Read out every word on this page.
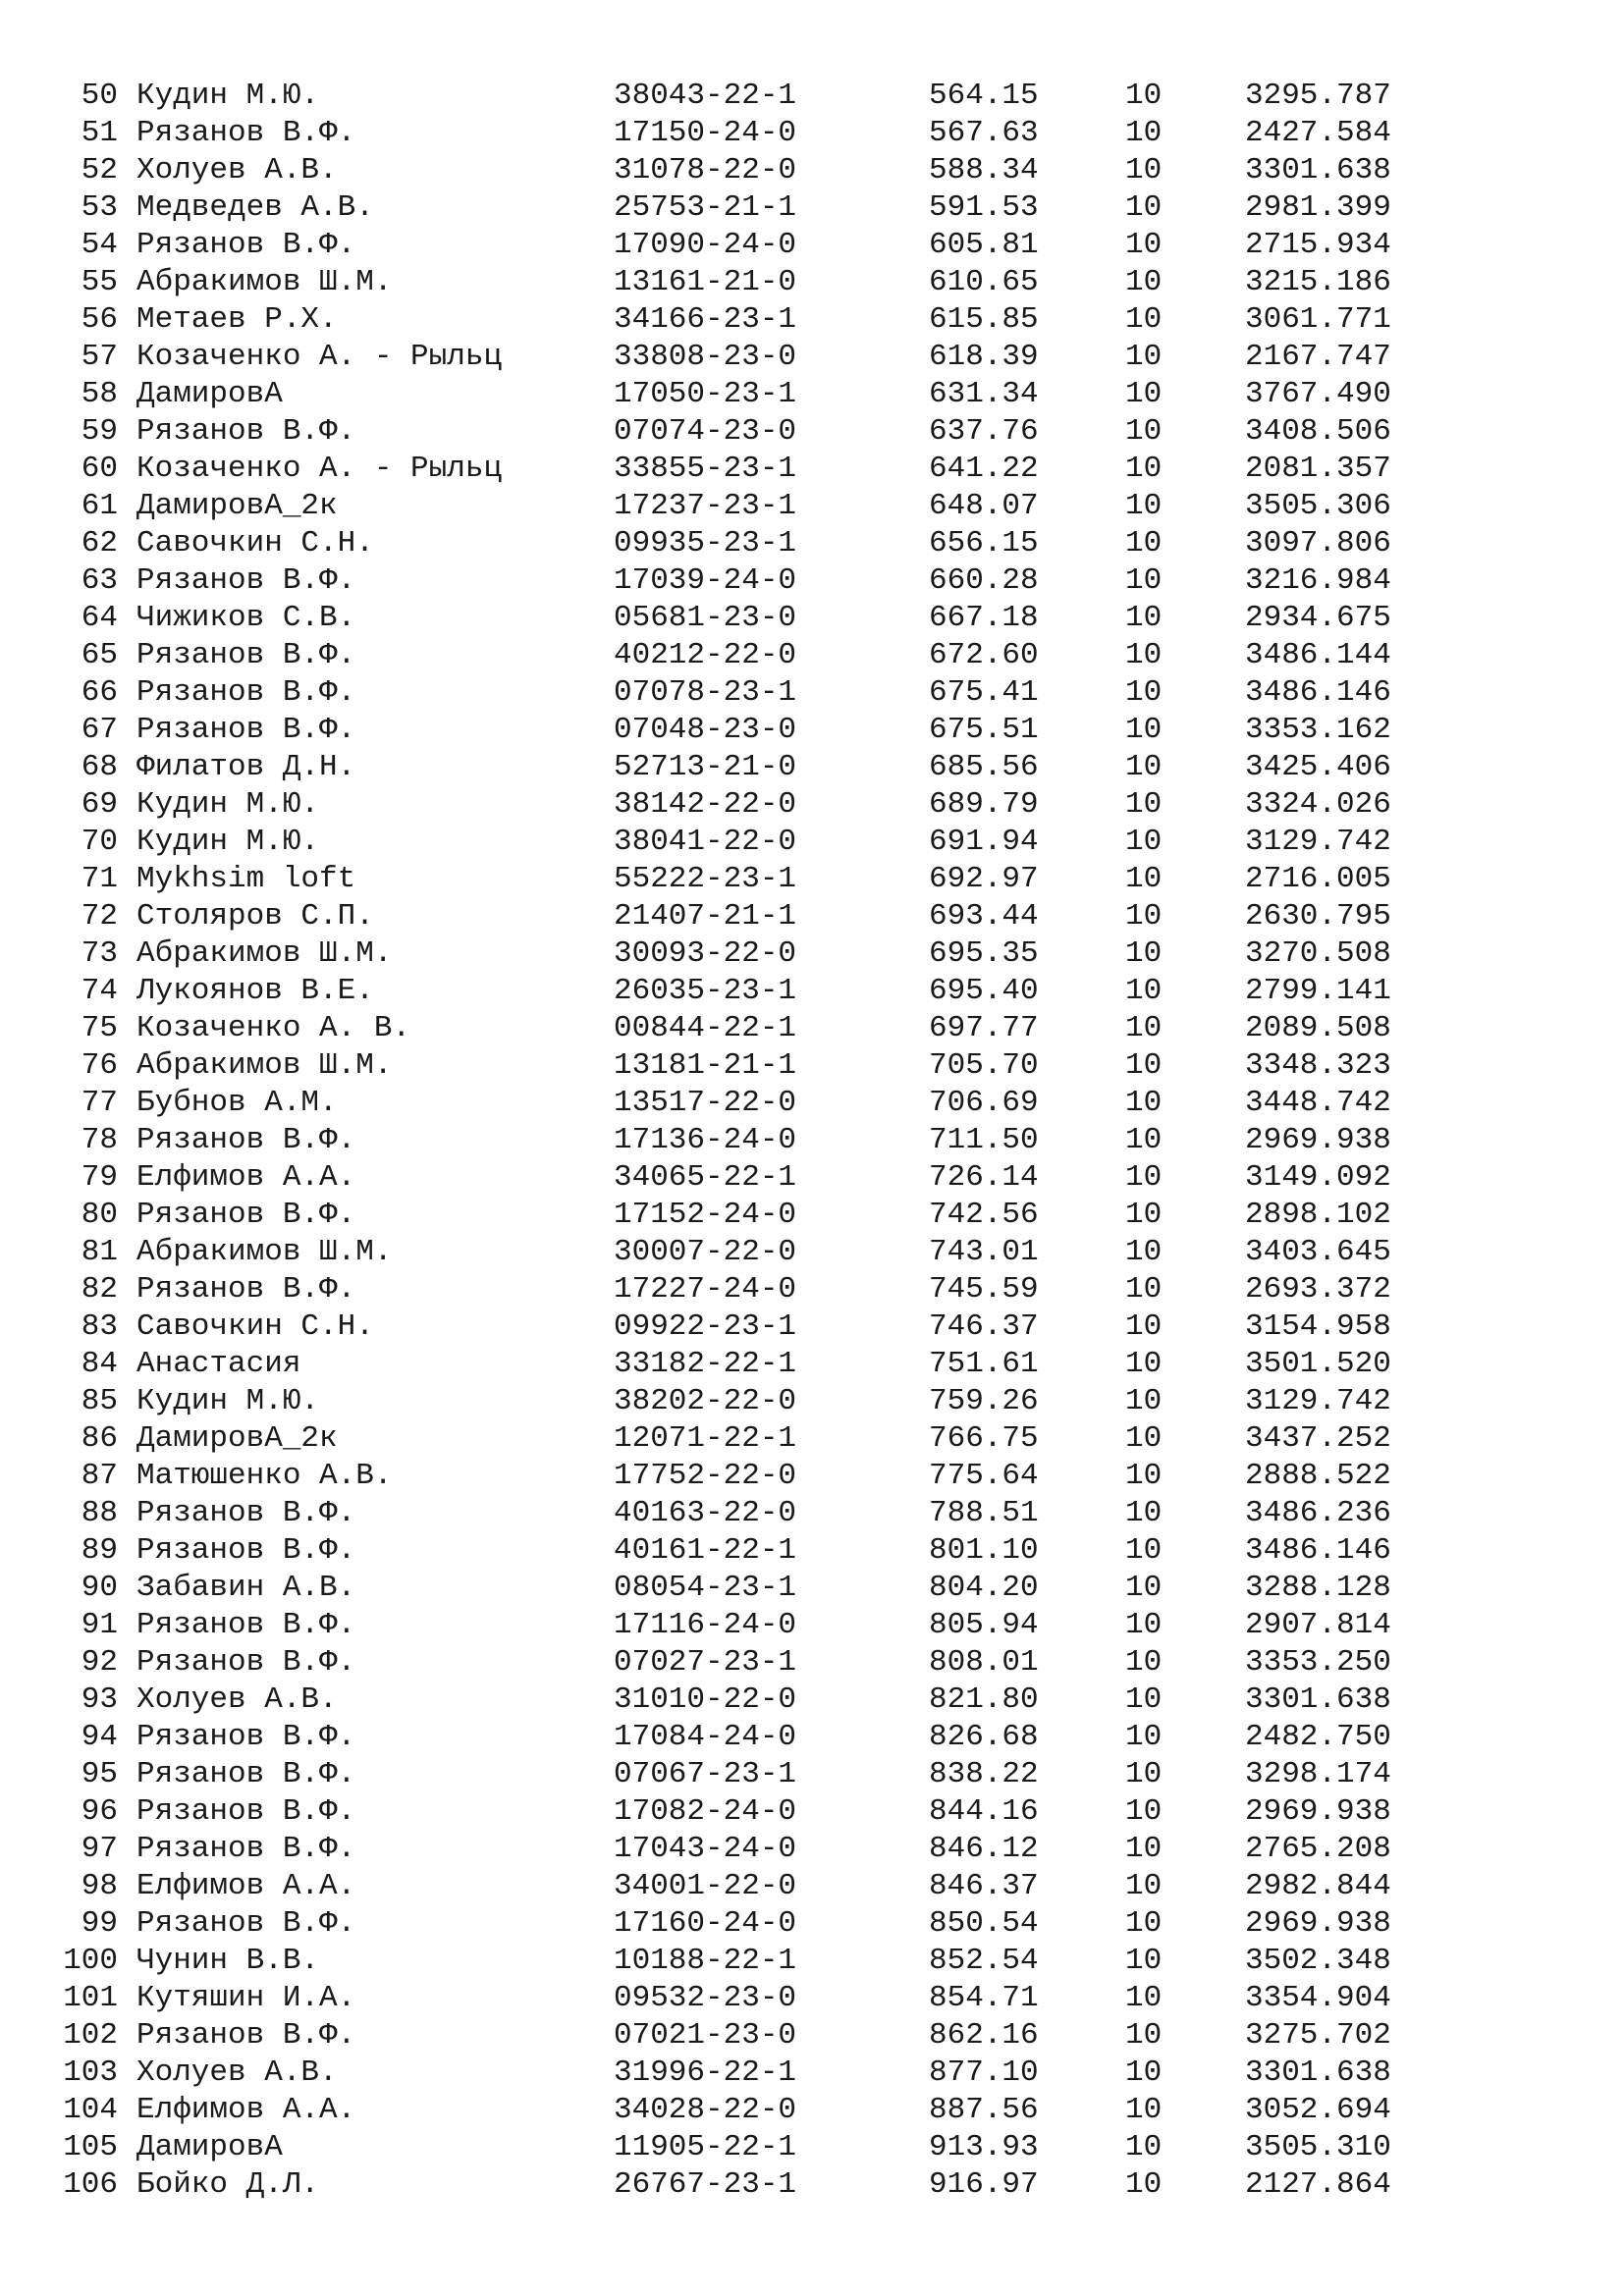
50 Кудин М.Ю.	38043-22-1	564.15	10	3295.787
51 Рязанов В.Ф.	17150-24-0	567.63	10	2427.584
52 Холуев А.В.	31078-22-0	588.34	10	3301.638
53 Медведев А.В.	25753-21-1	591.53	10	2981.399
54 Рязанов В.Ф.	17090-24-0	605.81	10	2715.934
55 Абракимов Ш.М.	13161-21-0	610.65	10	3215.186
56 Метаев Р.Х.	34166-23-1	615.85	10	3061.771
57 Козаченко А. - Рыльц	33808-23-0	618.39	10	2167.747
58 ДамировА	17050-23-1	631.34	10	3767.490
59 Рязанов В.Ф.	07074-23-0	637.76	10	3408.506
60 Козаченко А. - Рыльц	33855-23-1	641.22	10	2081.357
61 ДамировА_2к	17237-23-1	648.07	10	3505.306
62 Савочкин С.Н.	09935-23-1	656.15	10	3097.806
63 Рязанов В.Ф.	17039-24-0	660.28	10	3216.984
64 Чижиков С.В.	05681-23-0	667.18	10	2934.675
65 Рязанов В.Ф.	40212-22-0	672.60	10	3486.144
66 Рязанов В.Ф.	07078-23-1	675.41	10	3486.146
67 Рязанов В.Ф.	07048-23-0	675.51	10	3353.162
68 Филатов Д.Н.	52713-21-0	685.56	10	3425.406
69 Кудин М.Ю.	38142-22-0	689.79	10	3324.026
70 Кудин М.Ю.	38041-22-0	691.94	10	3129.742
71 Mykhsim loft	55222-23-1	692.97	10	2716.005
72 Столяров С.П.	21407-21-1	693.44	10	2630.795
73 Абракимов Ш.М.	30093-22-0	695.35	10	3270.508
74 Лукоянов В.Е.	26035-23-1	695.40	10	2799.141
75 Козаченко А. В.	00844-22-1	697.77	10	2089.508
76 Абракимов Ш.М.	13181-21-1	705.70	10	3348.323
77 Бубнов А.М.	13517-22-0	706.69	10	3448.742
78 Рязанов В.Ф.	17136-24-0	711.50	10	2969.938
79 Елфимов А.А.	34065-22-1	726.14	10	3149.092
80 Рязанов В.Ф.	17152-24-0	742.56	10	2898.102
81 Абракимов Ш.М.	30007-22-0	743.01	10	3403.645
82 Рязанов В.Ф.	17227-24-0	745.59	10	2693.372
83 Савочкин С.Н.	09922-23-1	746.37	10	3154.958
84 Анастасия	33182-22-1	751.61	10	3501.520
85 Кудин М.Ю.	38202-22-0	759.26	10	3129.742
86 ДамировА_2к	12071-22-1	766.75	10	3437.252
87 Матюшенко А.В.	17752-22-0	775.64	10	2888.522
88 Рязанов В.Ф.	40163-22-0	788.51	10	3486.236
89 Рязанов В.Ф.	40161-22-1	801.10	10	3486.146
90 Забавин А.В.	08054-23-1	804.20	10	3288.128
91 Рязанов В.Ф.	17116-24-0	805.94	10	2907.814
92 Рязанов В.Ф.	07027-23-1	808.01	10	3353.250
93 Холуев А.В.	31010-22-0	821.80	10	3301.638
94 Рязанов В.Ф.	17084-24-0	826.68	10	2482.750
95 Рязанов В.Ф.	07067-23-1	838.22	10	3298.174
96 Рязанов В.Ф.	17082-24-0	844.16	10	2969.938
97 Рязанов В.Ф.	17043-24-0	846.12	10	2765.208
98 Елфимов А.А.	34001-22-0	846.37	10	2982.844
99 Рязанов В.Ф.	17160-24-0	850.54	10	2969.938
100 Чунин В.В.	10188-22-1	852.54	10	3502.348
101 Кутяшин И.А.	09532-23-0	854.71	10	3354.904
102 Рязанов В.Ф.	07021-23-0	862.16	10	3275.702
103 Холуев А.В.	31996-22-1	877.10	10	3301.638
104 Елфимов А.А.	34028-22-0	887.56	10	3052.694
105 ДамировА	11905-22-1	913.93	10	3505.310
106 Бойко Д.Л.	26767-23-1	916.97	10	2127.864
